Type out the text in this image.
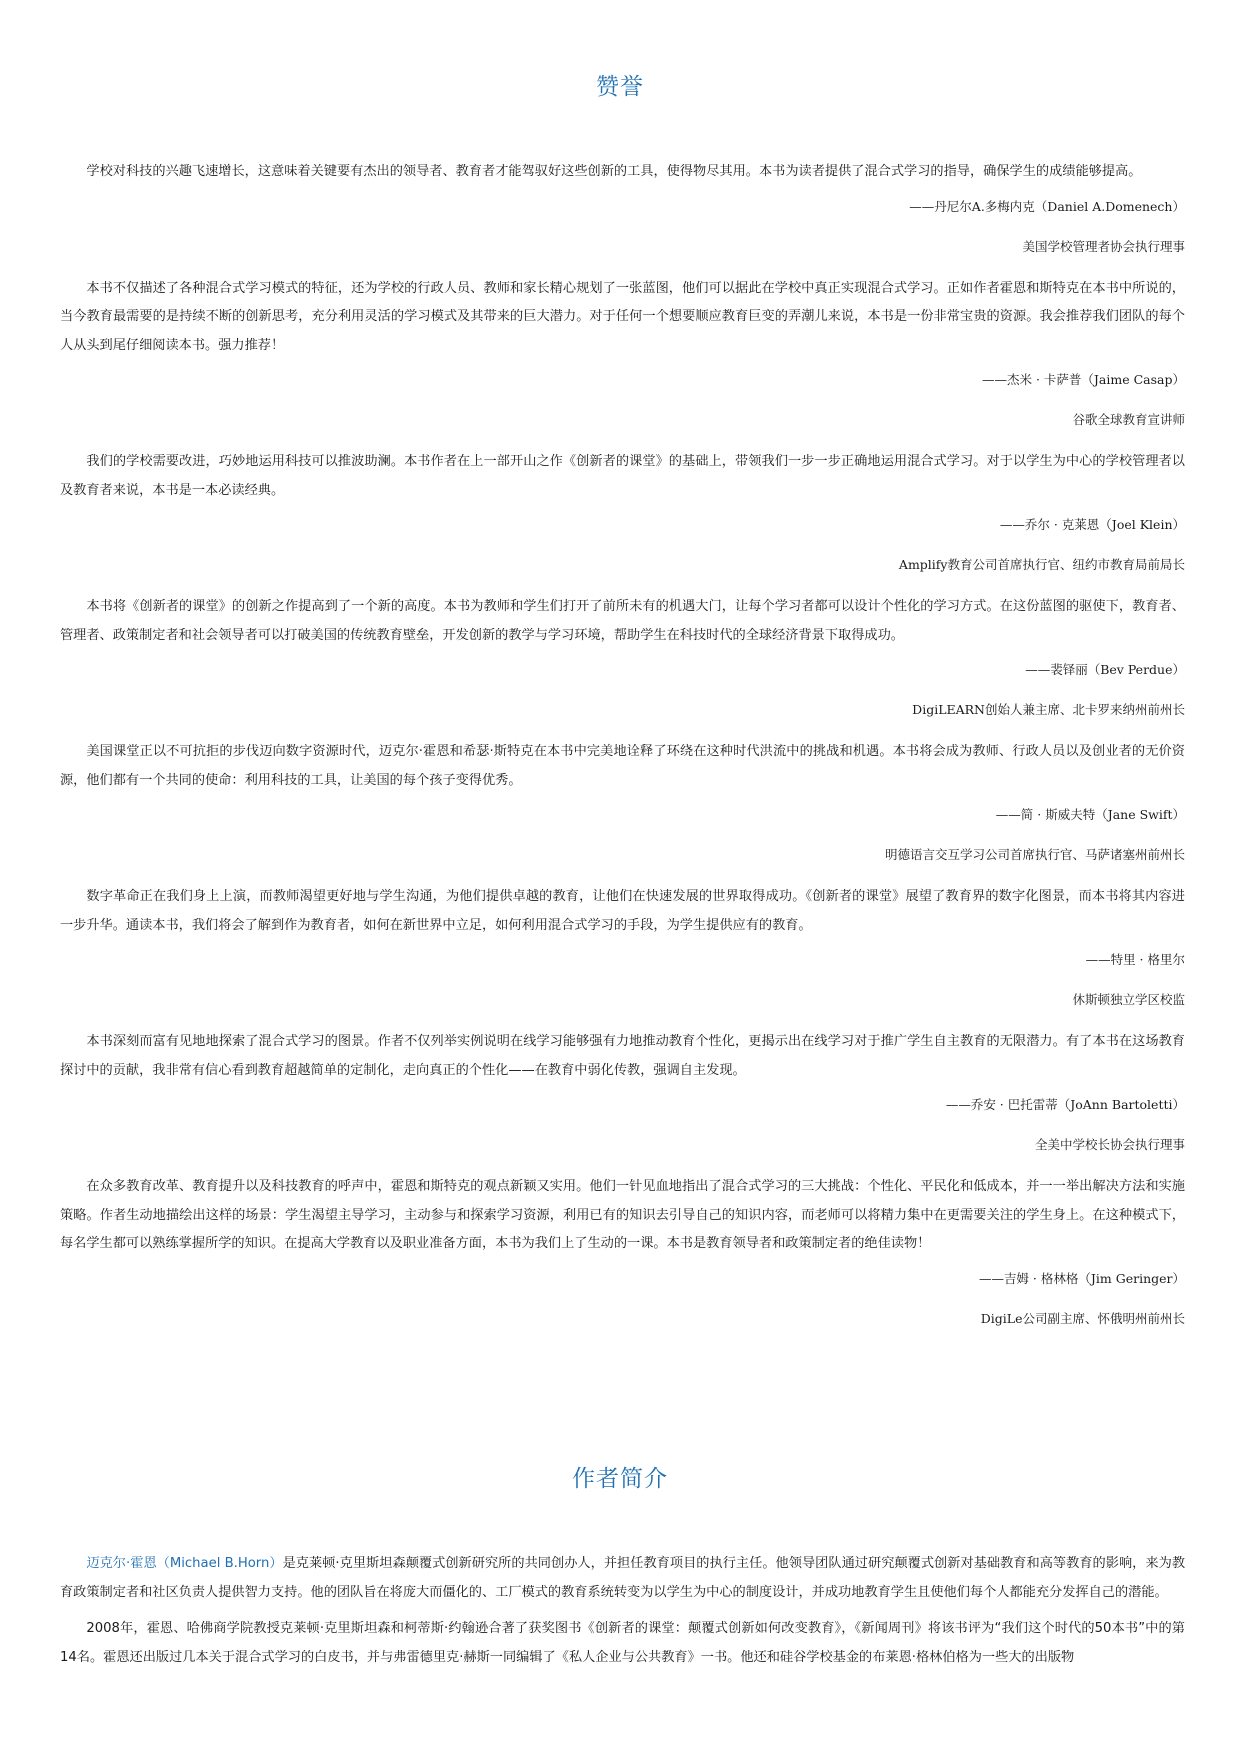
赞誉

学校对科技的兴趣飞速增长，这意味着关键要有杰出的领导者、教育者才能驾驭好这些创新的工具，使得物尽其用。本书为读者提供了混合式学习的指导，确保学生的成绩能够提高。

——丹尼尔A.多梅内克（Daniel A.Domenech）

美国学校管理者协会执行理事

本书不仅描述了各种混合式学习模式的特征，还为学校的行政人员、教师和家长精心规划了一张蓝图，他们可以据此在学校中真正实现混合式学习。正如作者霍恩和斯特克在本书中所说的，当今教育最需要的是持续不断的创新思考，充分利用灵活的学习模式及其带来的巨大潜力。对于任何一个想要顺应教育巨变的弄潮儿来说，本书是一份非常宝贵的资源。我会推荐我们团队的每个人从头到尾仔细阅读本书。强力推荐！

——杰米 · 卡萨普（Jaime Casap）

谷歌全球教育宣讲师

我们的学校需要改进，巧妙地运用科技可以推波助澜。本书作者在上一部开山之作《创新者的课堂》的基础上，带领我们一步一步正确地运用混合式学习。对于以学生为中心的学校管理者以及教育者来说，本书是一本必读经典。

——乔尔 · 克莱恩（Joel Klein）

Amplify教育公司首席执行官、纽约市教育局前局长

本书将《创新者的课堂》的创新之作提高到了一个新的高度。本书为教师和学生们打开了前所未有的机遇大门，让每个学习者都可以设计个性化的学习方式。在这份蓝图的驱使下，教育者、管理者、政策制定者和社会领导者可以打破美国的传统教育壁垒，开发创新的教学与学习环境，帮助学生在科技时代的全球经济背景下取得成功。

——裴铎丽（Bev Perdue）

DigiLEARN创始人兼主席、北卡罗来纳州前州长

美国课堂正以不可抗拒的步伐迈向数字资源时代，迈克尔·霍恩和希瑟·斯特克在本书中完美地诠释了环绕在这种时代洪流中的挑战和机遇。本书将会成为教师、行政人员以及创业者的无价资源，他们都有一个共同的使命：利用科技的工具，让美国的每个孩子变得优秀。

——简 · 斯威夫特（Jane Swift）

明德语言交互学习公司首席执行官、马萨诸塞州前州长

数字革命正在我们身上上演，而教师渴望更好地与学生沟通，为他们提供卓越的教育，让他们在快速发展的世界取得成功。《创新者的课堂》展望了教育界的数字化图景，而本书将其内容进一步升华。通读本书，我们将会了解到作为教育者，如何在新世界中立足，如何利用混合式学习的手段，为学生提供应有的教育。

——特里 · 格里尔

休斯顿独立学区校监

本书深刻而富有见地地探索了混合式学习的图景。作者不仅列举实例说明在线学习能够强有力地推动教育个性化，更揭示出在线学习对于推广学生自主教育的无限潜力。有了本书在这场教育探讨中的贡献，我非常有信心看到教育超越简单的定制化，走向真正的个性化——在教育中弱化传教，强调自主发现。

——乔安 · 巴托雷蒂（JoAnn Bartoletti）

全美中学校长协会执行理事

在众多教育改革、教育提升以及科技教育的呼声中，霍恩和斯特克的观点新颖又实用。他们一针见血地指出了混合式学习的三大挑战：个性化、平民化和低成本，并一一举出解决方法和实施策略。作者生动地描绘出这样的场景：学生渴望主导学习，主动参与和探索学习资源，利用已有的知识去引导自己的知识内容，而老师可以将精力集中在更需要关注的学生身上。在这种模式下，每名学生都可以熟练掌握所学的知识。在提高大学教育以及职业准备方面，本书为我们上了生动的一课。本书是教育领导者和政策制定者的绝佳读物！

——吉姆 · 格林格（Jim Geringer）

DigiLe公司副主席、怀俄明州前州长

作者简介

迈克尔·霍恩（Michael B.Horn）是克莱顿·克里斯坦森颠覆式创新研究所的共同创办人，并担任教育项目的执行主任。他领导团队通过研究颠覆式创新对基础教育和高等教育的影响，来为教育政策制定者和社区负责人提供智力支持。他的团队旨在将庞大而僵化的、工厂模式的教育系统转变为以学生为中心的制度设计，并成功地教育学生且使他们每个人都能充分发挥自己的潜能。

2008年，霍恩、哈佛商学院教授克莱顿·克里斯坦森和柯蒂斯·约翰逊合著了获奖图书《创新者的课堂：颠覆式创新如何改变教育》，《新闻周刊》将该书评为“我们这个时代的50本书”中的第14名。霍恩还出版过几本关于混合式学习的白皮书，并与弗雷德里克·赫斯一同编辑了《私人企业与公共教育》一书。他还和硅谷学校基金的布莱恩·格林伯格为一些大的出版物
